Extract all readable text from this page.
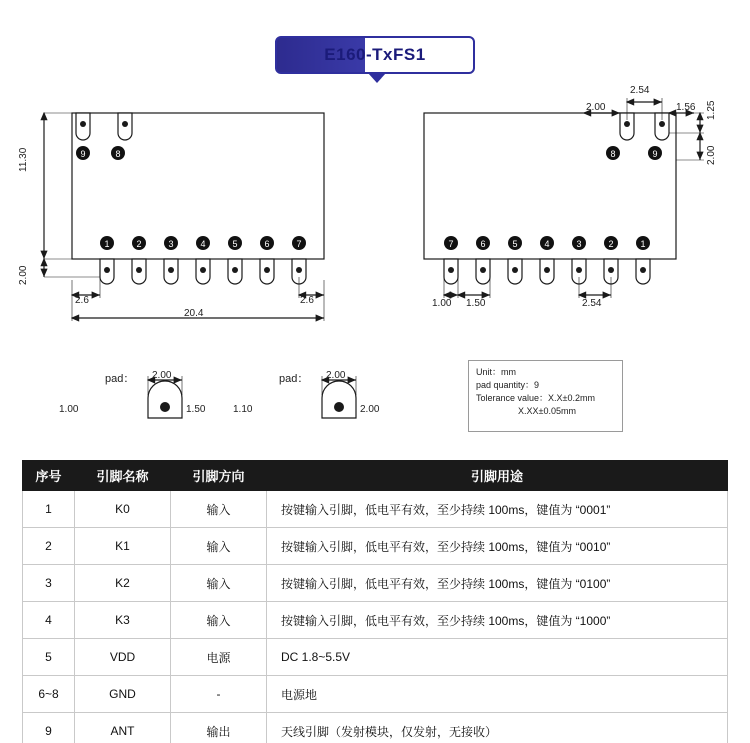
E160-TxFS1
1	2	3	4	5	6	7
9	8
7	6	5	4	3	2	1
8	9
11.30
2.00
20.4
2.6	2.6
2.54
2.00	1.56 1.25
2.00
1.00 1.50	2.54
pad： 2.00
1.00	1.50
pad： 2.00
1.10	2.00
Unit：mm
pad quantity：9
Tolerance value：X.X±0.2mm
X.XX±0.05mm
序号	引脚名称	引脚方向	引脚用途
1	K0	输入	按键输入引脚，低电平有效，至少持续 100ms，键值为 “0001”
2	K1	输入	按键输入引脚，低电平有效，至少持续 100ms，键值为 “0010”
3	K2	输入	按键输入引脚，低电平有效，至少持续 100ms，键值为 “0100”
4	K3	输入	按键输入引脚，低电平有效，至少持续 100ms，键值为 “1000”
5	VDD	电源	DC 1.8~5.5V
6~8	GND	-	电源地
9	ANT	输出	天线引脚（发射模块，仅发射，无接收）
